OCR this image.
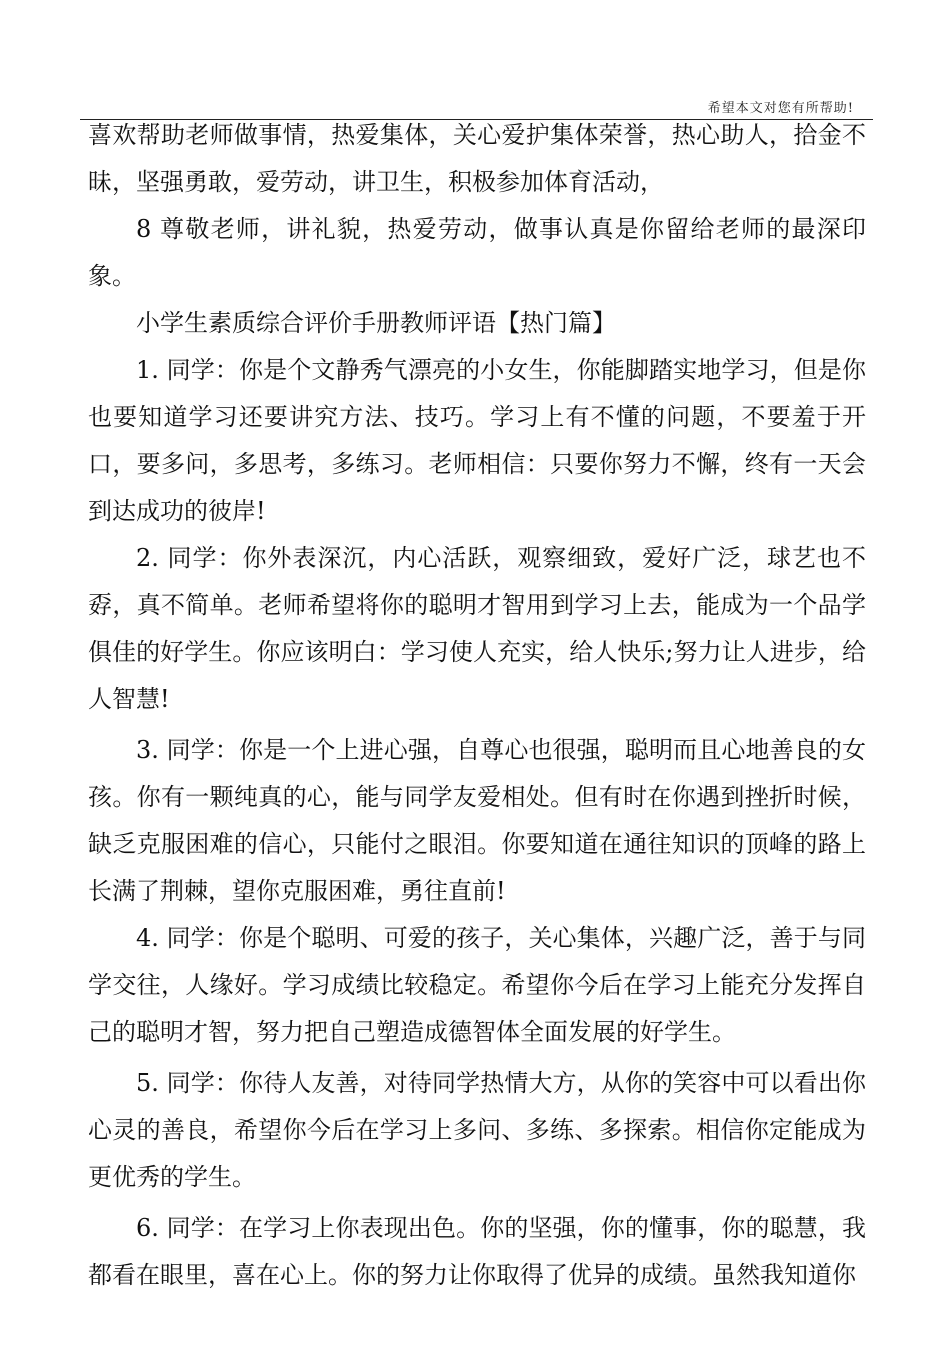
希望本文对您有所帮助!

喜欢帮助老师做事情，热爱集体，关心爱护集体荣誉，热心助人，拾金不昧，坚强勇敢，爱劳动，讲卫生，积极参加体育活动，

8 尊敬老师，讲礼貌，热爱劳动，做事认真是你留给老师的最深印象。

小学生素质综合评价手册教师评语【热门篇】

1. 同学：你是个文静秀气漂亮的小女生，你能脚踏实地学习，但是你也要知道学习还要讲究方法、技巧。学习上有不懂的问题，不要羞于开口，要多问，多思考，多练习。老师相信：只要你努力不懈，终有一天会到达成功的彼岸!

2. 同学：你外表深沉，内心活跃，观察细致，爱好广泛，球艺也不孬，真不简单。老师希望将你的聪明才智用到学习上去，能成为一个品学俱佳的好学生。你应该明白：学习使人充实，给人快乐;努力让人进步，给人智慧!

3. 同学：你是一个上进心强，自尊心也很强，聪明而且心地善良的女孩。你有一颗纯真的心，能与同学友爱相处。但有时在你遇到挫折时候，缺乏克服困难的信心，只能付之眼泪。你要知道在通往知识的顶峰的路上长满了荆棘，望你克服困难，勇往直前!

4. 同学：你是个聪明、可爱的孩子，关心集体，兴趣广泛，善于与同学交往，人缘好。学习成绩比较稳定。希望你今后在学习上能充分发挥自己的聪明才智，努力把自己塑造成德智体全面发展的好学生。

5. 同学：你待人友善，对待同学热情大方，从你的笑容中可以看出你心灵的善良，希望你今后在学习上多问、多练、多探索。相信你定能成为更优秀的学生。

6. 同学：在学习上你表现出色。你的坚强，你的懂事，你的聪慧，我都看在眼里，喜在心上。你的努力让你取得了优异的成绩。虽然我知道你
